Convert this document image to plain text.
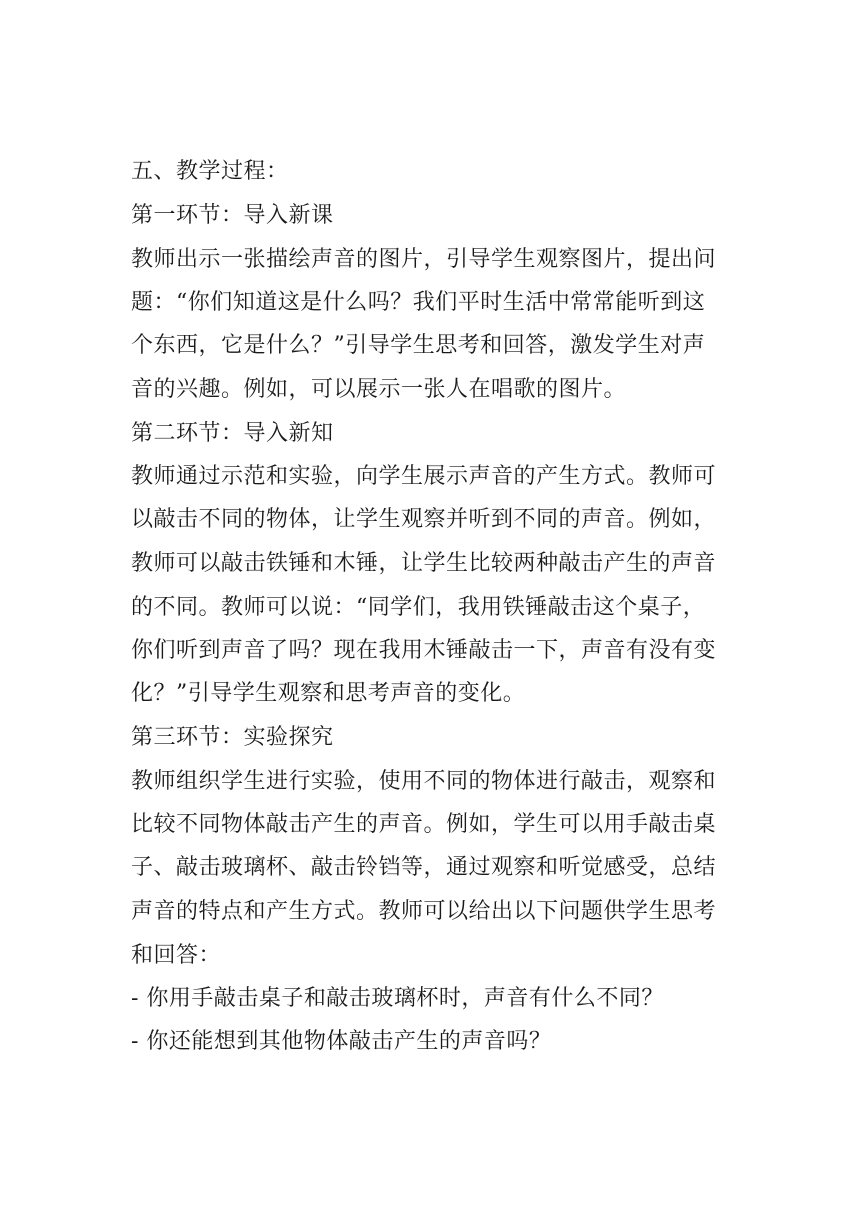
五、教学过程：

第一环节：导入新课

教师出示一张描绘声音的图片，引导学生观察图片，提出问

题：“你们知道这是什么吗？我们平时生活中常常能听到这

个东西，它是什么？”引导学生思考和回答，激发学生对声

音的兴趣。例如，可以展示一张人在唱歌的图片。

第二环节：导入新知

教师通过示范和实验，向学生展示声音的产生方式。教师可

以敲击不同的物体，让学生观察并听到不同的声音。例如，

教师可以敲击铁锤和木锤，让学生比较两种敲击产生的声音

的不同。教师可以说：“同学们，我用铁锤敲击这个桌子，

你们听到声音了吗？现在我用木锤敲击一下，声音有没有变

化？”引导学生观察和思考声音的变化。

第三环节：实验探究

教师组织学生进行实验，使用不同的物体进行敲击，观察和

比较不同物体敲击产生的声音。例如，学生可以用手敲击桌

子、敲击玻璃杯、敲击铃铛等，通过观察和听觉感受，总结

声音的特点和产生方式。教师可以给出以下问题供学生思考

和回答：

- 你用手敲击桌子和敲击玻璃杯时，声音有什么不同？

- 你还能想到其他物体敲击产生的声音吗？
